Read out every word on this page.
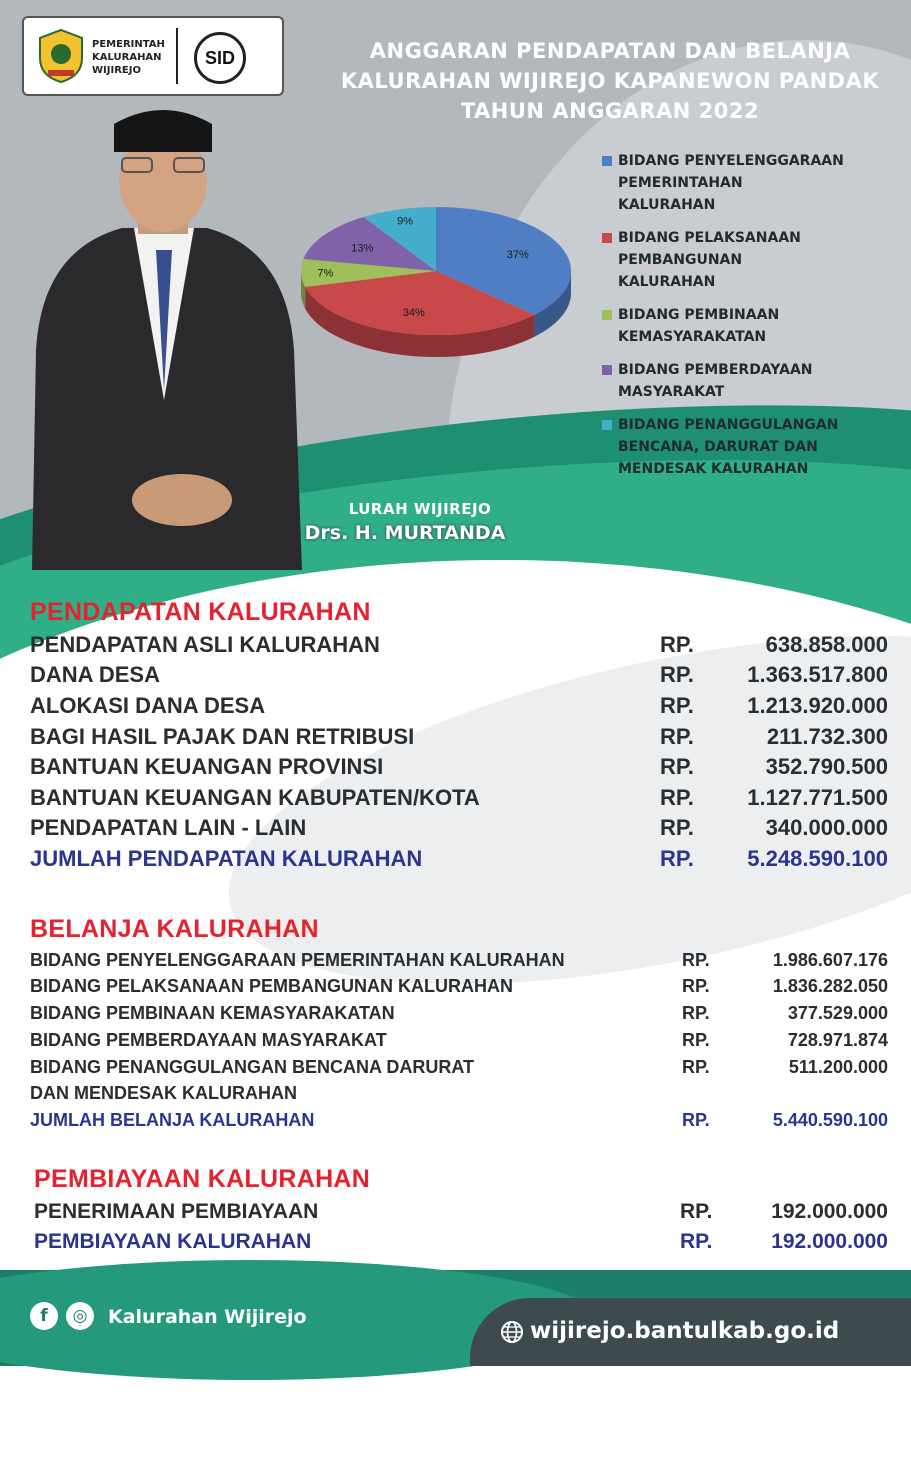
PEMERINTAH
KALURAHAN
WIJIREJO
SID	ANGGARAN PENDAPATAN DAN BELANJA
KALURAHAN WIJIREJO KAPANEWON PANDAK
TAHUN ANGGARAN 2022
37%
34%
7%
13%
9%
BIDANG PENYELENGGARAAN
PEMERINTAHAN
KALURAHAN
BIDANG PELAKSANAAN
PEMBANGUNAN
KALURAHAN
BIDANG PEMBINAAN
KEMASYARAKATAN
BIDANG PEMBERDAYAAN
MASYARAKAT
BIDANG PENANGGULANGAN
BENCANA, DARURAT DAN
MENDESAK KALURAHAN
LURAH WIJIREJO
Drs. H. MURTANDA
PENDAPATAN KALURAHAN
PENDAPATAN ASLI KALURAHAN	RP.	638.858.000
DANA DESA	RP.	1.363.517.800
ALOKASI DANA DESA	RP.	1.213.920.000
BAGI HASIL PAJAK DAN RETRIBUSI	RP.	211.732.300
BANTUAN KEUANGAN PROVINSI	RP.	352.790.500
BANTUAN KEUANGAN KABUPATEN/KOTA	RP.	1.127.771.500
PENDAPATAN LAIN - LAIN	RP.	340.000.000
JUMLAH PENDAPATAN KALURAHAN	RP.	5.248.590.100
BELANJA KALURAHAN
BIDANG PENYELENGGARAAN PEMERINTAHAN KALURAHAN	RP.	1.986.607.176
BIDANG PELAKSANAAN PEMBANGUNAN KALURAHAN	RP.	1.836.282.050
BIDANG PEMBINAAN KEMASYARAKATAN	RP.	377.529.000
BIDANG PEMBERDAYAAN MASYARAKAT	RP.	728.971.874
BIDANG PENANGGULANGAN BENCANA DARURAT	RP.	511.200.000
DAN MENDESAK KALURAHAN
JUMLAH BELANJA KALURAHAN	RP.	5.440.590.100
PEMBIAYAAN KALURAHAN
PENERIMAAN PEMBIAYAAN	RP.	192.000.000
PEMBIAYAAN KALURAHAN	RP.	192.000.000
f ◎	Kalurahan Wijirejo
wijirejo.bantulkab.go.id
